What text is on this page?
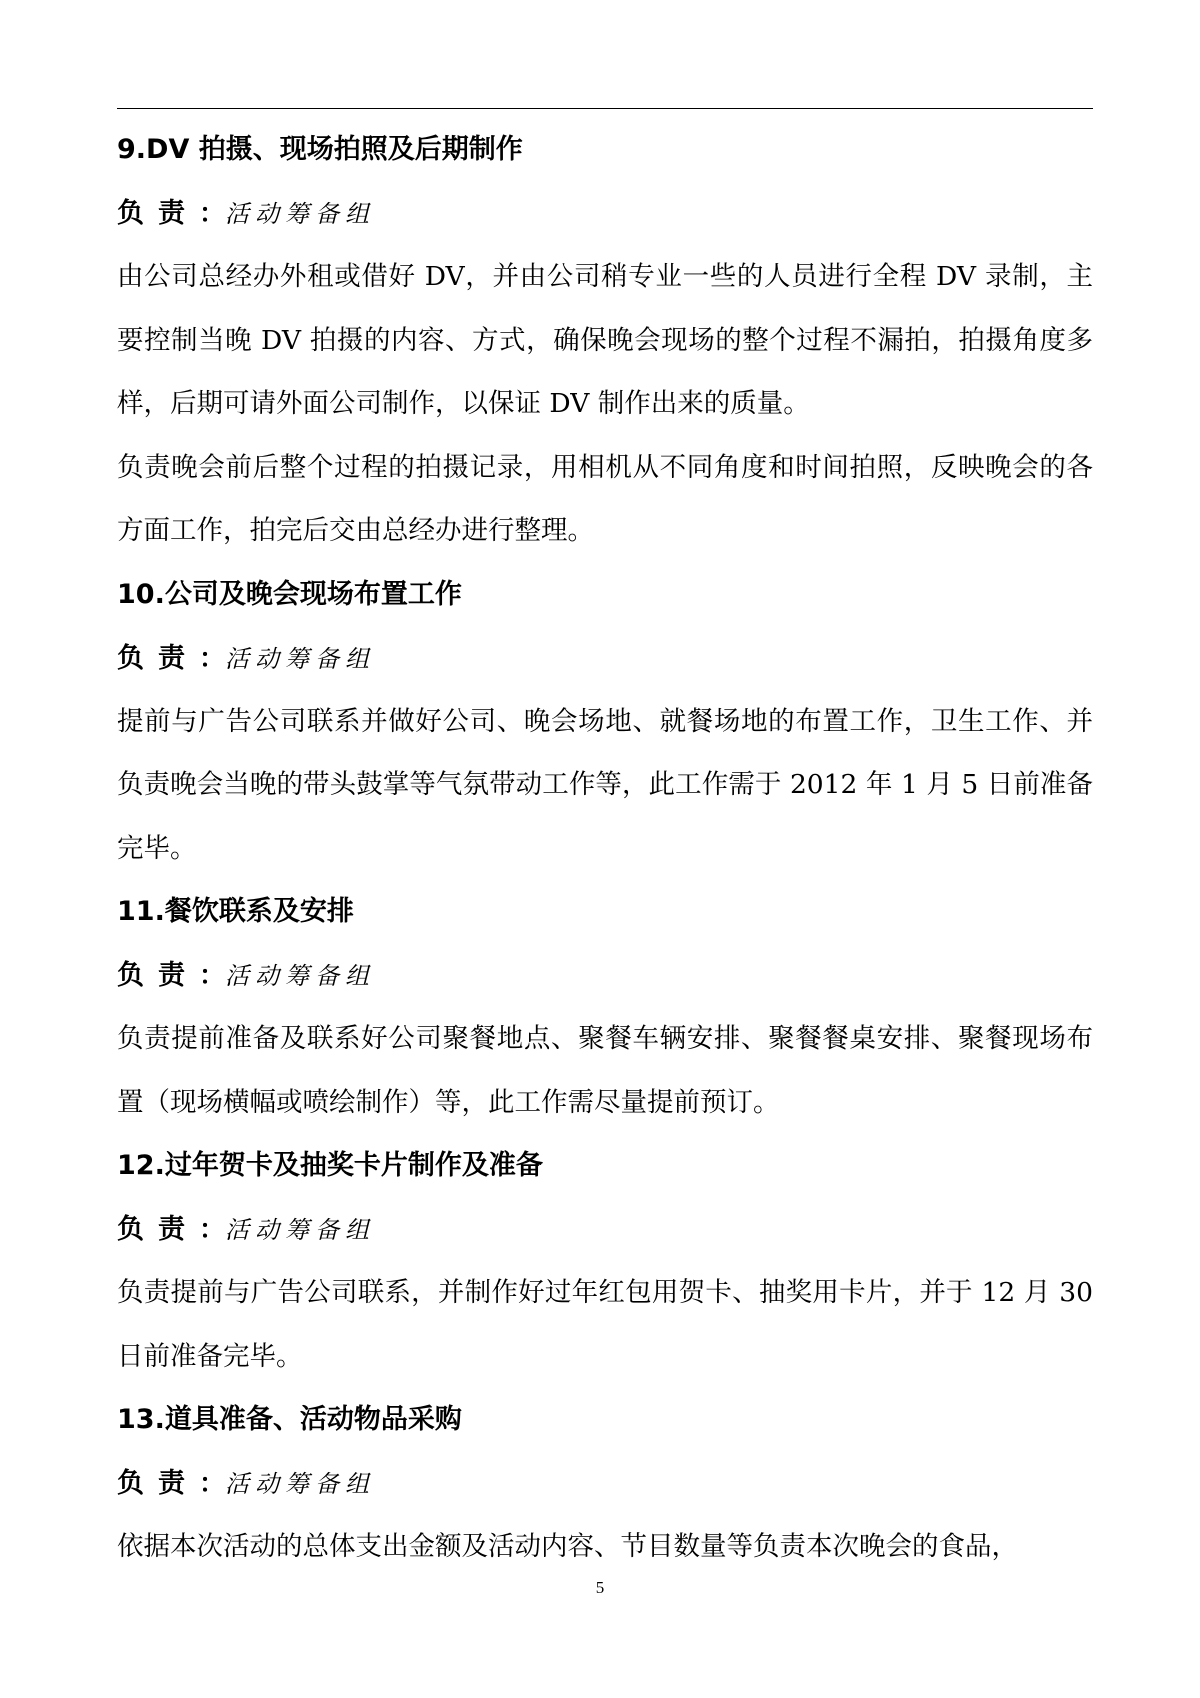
9.DV 拍摄、现场拍照及后期制作
负责：活动筹备组

由公司总经办外租或借好 DV，并由公司稍专业一些的人员进行全程 DV 录制，主要控制当晚 DV 拍摄的内容、方式，确保晚会现场的整个过程不漏拍，拍摄角度多样，后期可请外面公司制作，以保证 DV 制作出来的质量。

负责晚会前后整个过程的拍摄记录，用相机从不同角度和时间拍照，反映晚会的各方面工作，拍完后交由总经办进行整理。

10.公司及晚会现场布置工作
负责：活动筹备组

提前与广告公司联系并做好公司、晚会场地、就餐场地的布置工作，卫生工作、并负责晚会当晚的带头鼓掌等气氛带动工作等，此工作需于 2012 年 1 月 5 日前准备完毕。

11.餐饮联系及安排
负责：活动筹备组

负责提前准备及联系好公司聚餐地点、聚餐车辆安排、聚餐餐桌安排、聚餐现场布置（现场横幅或喷绘制作）等，此工作需尽量提前预订。

12.过年贺卡及抽奖卡片制作及准备
负责：活动筹备组

负责提前与广告公司联系，并制作好过年红包用贺卡、抽奖用卡片，并于 12 月 30 日前准备完毕。

13.道具准备、活动物品采购
负责：活动筹备组

依据本次活动的总体支出金额及活动内容、节目数量等负责本次晚会的食品，

5
